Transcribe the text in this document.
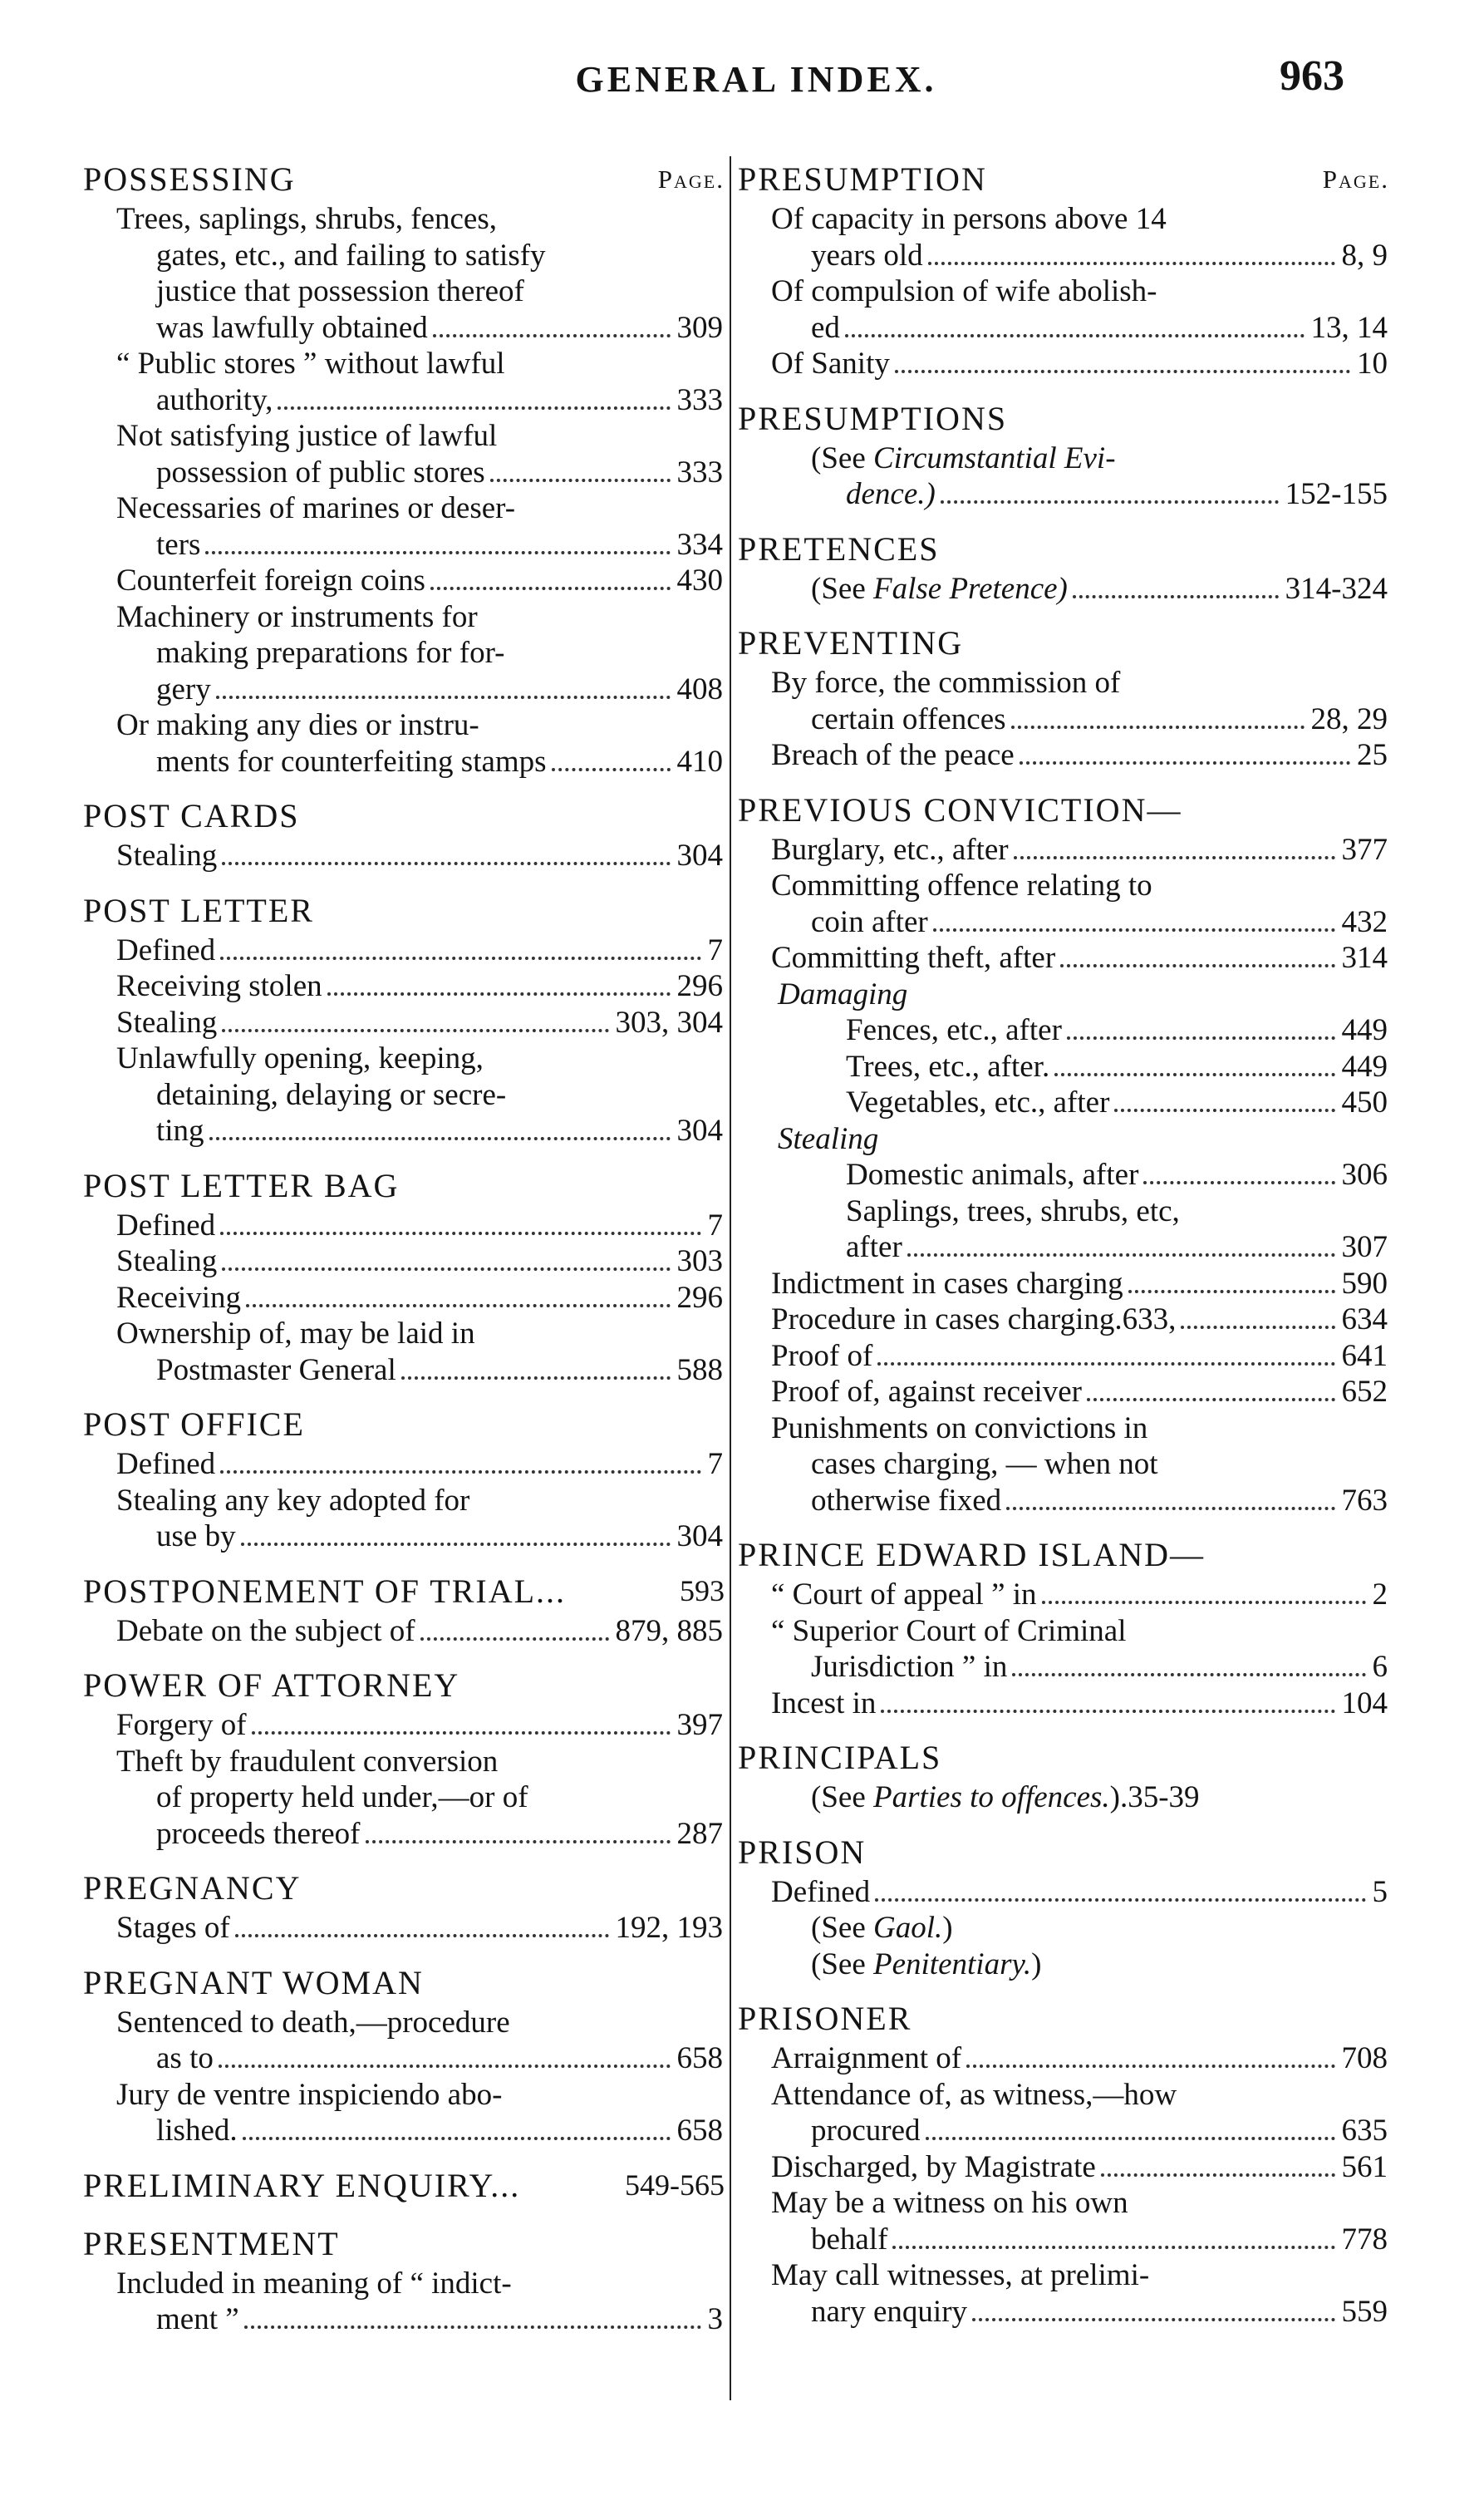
GENERAL INDEX.	963
POSSESSING	Page.
Trees, saplings, shrubs, fences,
gates, etc., and failing to satisfy
justice that possession thereof
was lawfully obtained	309
“ Public stores ” without lawful
authority,	333
Not satisfying justice of lawful
possession of public stores	333
Necessaries of marines or deser-
ters	334
Counterfeit foreign coins	430
Machinery or instruments for
making preparations for for-
gery	408
Or making any dies or instru-
ments for counterfeiting stamps	410
POST CARDS
Stealing	304
POST LETTER
Defined	7
Receiving stolen	296
Stealing	303, 304
Unlawfully opening, keeping,
detaining, delaying or secre-
ting	304
POST LETTER BAG
Defined	7
Stealing	303
Receiving	296
Ownership of, may be laid in
Postmaster General	588
POST OFFICE
Defined	7
Stealing any key adopted for
use by	304
POSTPONEMENT OF TRIAL...	593
Debate on the subject of	879, 885
POWER OF ATTORNEY
Forgery of	397
Theft by fraudulent conversion
of property held under,—or of
proceeds thereof	287
PREGNANCY
Stages of	192, 193
PREGNANT WOMAN
Sentenced to death,—procedure
as to	658
Jury de ventre inspiciendo abo-
lished.	658
PRELIMINARY ENQUIRY...	549-565
PRESENTMENT
Included in meaning of “ indict-
ment ”	3
PRESUMPTION	Page.
Of capacity in persons above 14
years old	8, 9
Of compulsion of wife abolish-
ed	13, 14
Of Sanity	10
PRESUMPTIONS
(See Circumstantial Evi-
dence.)	152-155
PRETENCES
(See False Pretence)	314-324
PREVENTING
By force, the commission of
certain offences	28, 29
Breach of the peace	25
PREVIOUS CONVICTION—
Burglary, etc., after	377
Committing offence relating to
coin after	432
Committing theft, after	314
Damaging
Fences, etc., after	449
Trees, etc., after.	449
Vegetables, etc., after	450
Stealing
Domestic animals, after	306
Saplings, trees, shrubs, etc,
after	307
Indictment in cases charging	590
Procedure in cases charging.633,	634
Proof of	641
Proof of, against receiver	652
Punishments on convictions in
cases charging, — when not
otherwise fixed	763
PRINCE EDWARD ISLAND—
“ Court of appeal ” in	2
“ Superior Court of Criminal
Jurisdiction ” in	6
Incest in	104
PRINCIPALS
(See Parties to offences.).35-39
PRISON
Defined	5
(See Gaol.)
(See Penitentiary.)
PRISONER
Arraignment of	708
Attendance of, as witness,—how
procured	635
Discharged, by Magistrate	561
May be a witness on his own
behalf	778
May call witnesses, at prelimi-
nary enquiry	559
